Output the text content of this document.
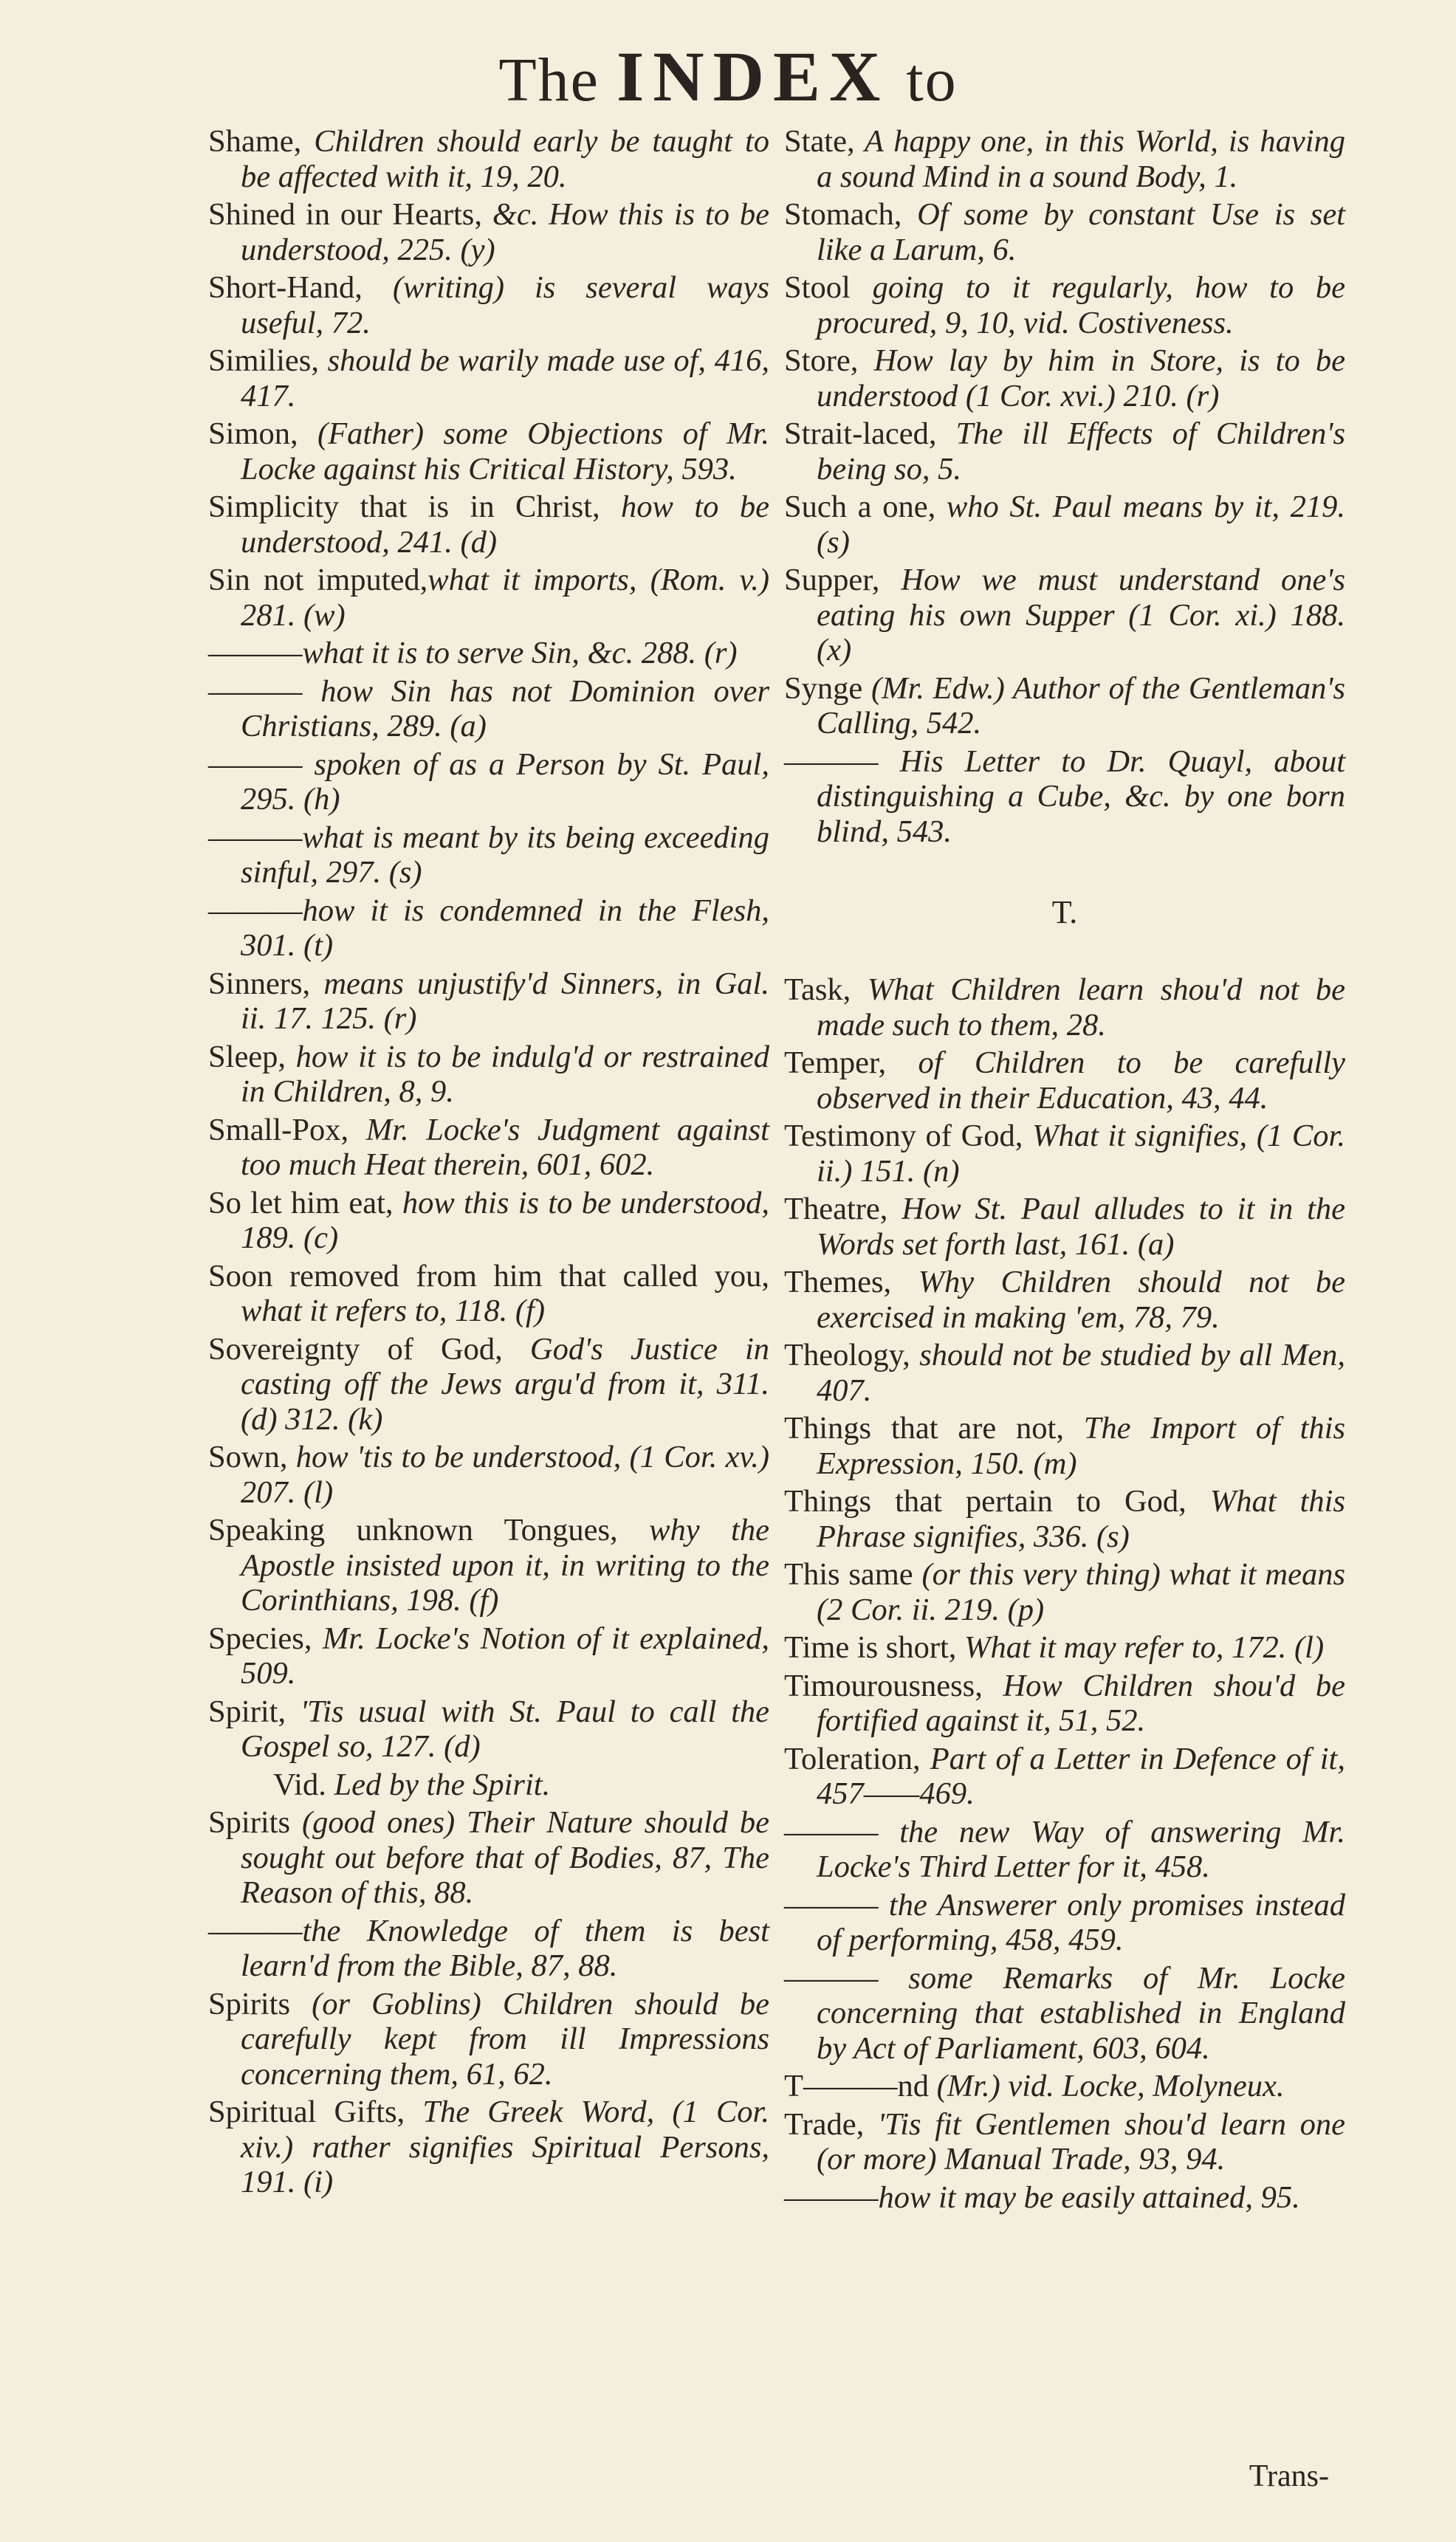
The INDEX to

Shame, Children should early be taught to be affected with it, 19, 20.

Shined in our Hearts, &c. How this is to be understood, 225. (y)

Short-Hand, (writing) is several ways useful, 72.

Similies, should be warily made use of, 416, 417.

Simon, (Father) some Objections of Mr. Locke against his Critical History, 593.

Simplicity that is in Christ, how to be understood, 241. (d)

Sin not imputed,what it imports, (Rom. v.) 281. (w)

———what it is to serve Sin, &c. 288. (r)

——— how Sin has not Dominion over Christians, 289. (a)

——— spoken of as a Person by St. Paul, 295. (h)

———what is meant by its being exceeding sinful, 297. (s)

———how it is condemned in the Flesh, 301. (t)

Sinners, means unjustify'd Sinners, in Gal. ii. 17. 125. (r)

Sleep, how it is to be indulg'd or restrained in Children, 8, 9.

Small-Pox, Mr. Locke's Judgment against too much Heat therein, 601, 602.

So let him eat, how this is to be understood, 189. (c)

Soon removed from him that called you, what it refers to, 118. (f)

Sovereignty of God, God's Justice in casting off the Jews argu'd from it, 311. (d) 312. (k)

Sown, how 'tis to be understood, (1 Cor. xv.) 207. (l)

Speaking unknown Tongues, why the Apostle insisted upon it, in writing to the Corinthians, 198. (f)

Species, Mr. Locke's Notion of it explained, 509.

Spirit, 'Tis usual with St. Paul to call the Gospel so, 127. (d)

Vid. Led by the Spirit.

Spirits (good ones) Their Nature should be sought out before that of Bodies, 87, The Reason of this, 88.

———the Knowledge of them is best learn'd from the Bible, 87, 88.

Spirits (or Goblins) Children should be carefully kept from ill Impressions concerning them, 61, 62.

Spiritual Gifts, The Greek Word, (1 Cor. xiv.) rather signifies Spiritual Persons, 191. (i)

State, A happy one, in this World, is having a sound Mind in a sound Body, 1.

Stomach, Of some by constant Use is set like a Larum, 6.

Stool going to it regularly, how to be procured, 9, 10, vid. Costiveness.

Store, How lay by him in Store, is to be understood (1 Cor. xvi.) 210. (r)

Strait-laced, The ill Effects of Children's being so, 5.

Such a one, who St. Paul means by it, 219. (s)

Supper, How we must understand one's eating his own Supper (1 Cor. xi.) 188. (x)

Synge (Mr. Edw.) Author of the Gentleman's Calling, 542.

——— His Letter to Dr. Quayl, about distinguishing a Cube, &c. by one born blind, 543.

T.

Task, What Children learn shou'd not be made such to them, 28.

Temper, of Children to be carefully observed in their Education, 43, 44.

Testimony of God, What it signifies, (1 Cor. ii.) 151. (n)

Theatre, How St. Paul alludes to it in the Words set forth last, 161. (a)

Themes, Why Children should not be exercised in making 'em, 78, 79.

Theology, should not be studied by all Men, 407.

Things that are not, The Import of this Expression, 150. (m)

Things that pertain to God, What this Phrase signifies, 336. (s)

This same (or this very thing) what it means (2 Cor. ii. 219. (p)

Time is short, What it may refer to, 172. (l)

Timourousness, How Children shou'd be fortified against it, 51, 52.

Toleration, Part of a Letter in Defence of it, 457——469.

——— the new Way of answering Mr. Locke's Third Letter for it, 458.

——— the Answerer only promises instead of performing, 458, 459.

——— some Remarks of Mr. Locke concerning that established in England by Act of Parliament, 603, 604.

T———nd (Mr.) vid. Locke, Molyneux.

Trade, 'Tis fit Gentlemen shou'd learn one (or more) Manual Trade, 93, 94.

———how it may be easily attained, 95.

Trans-
